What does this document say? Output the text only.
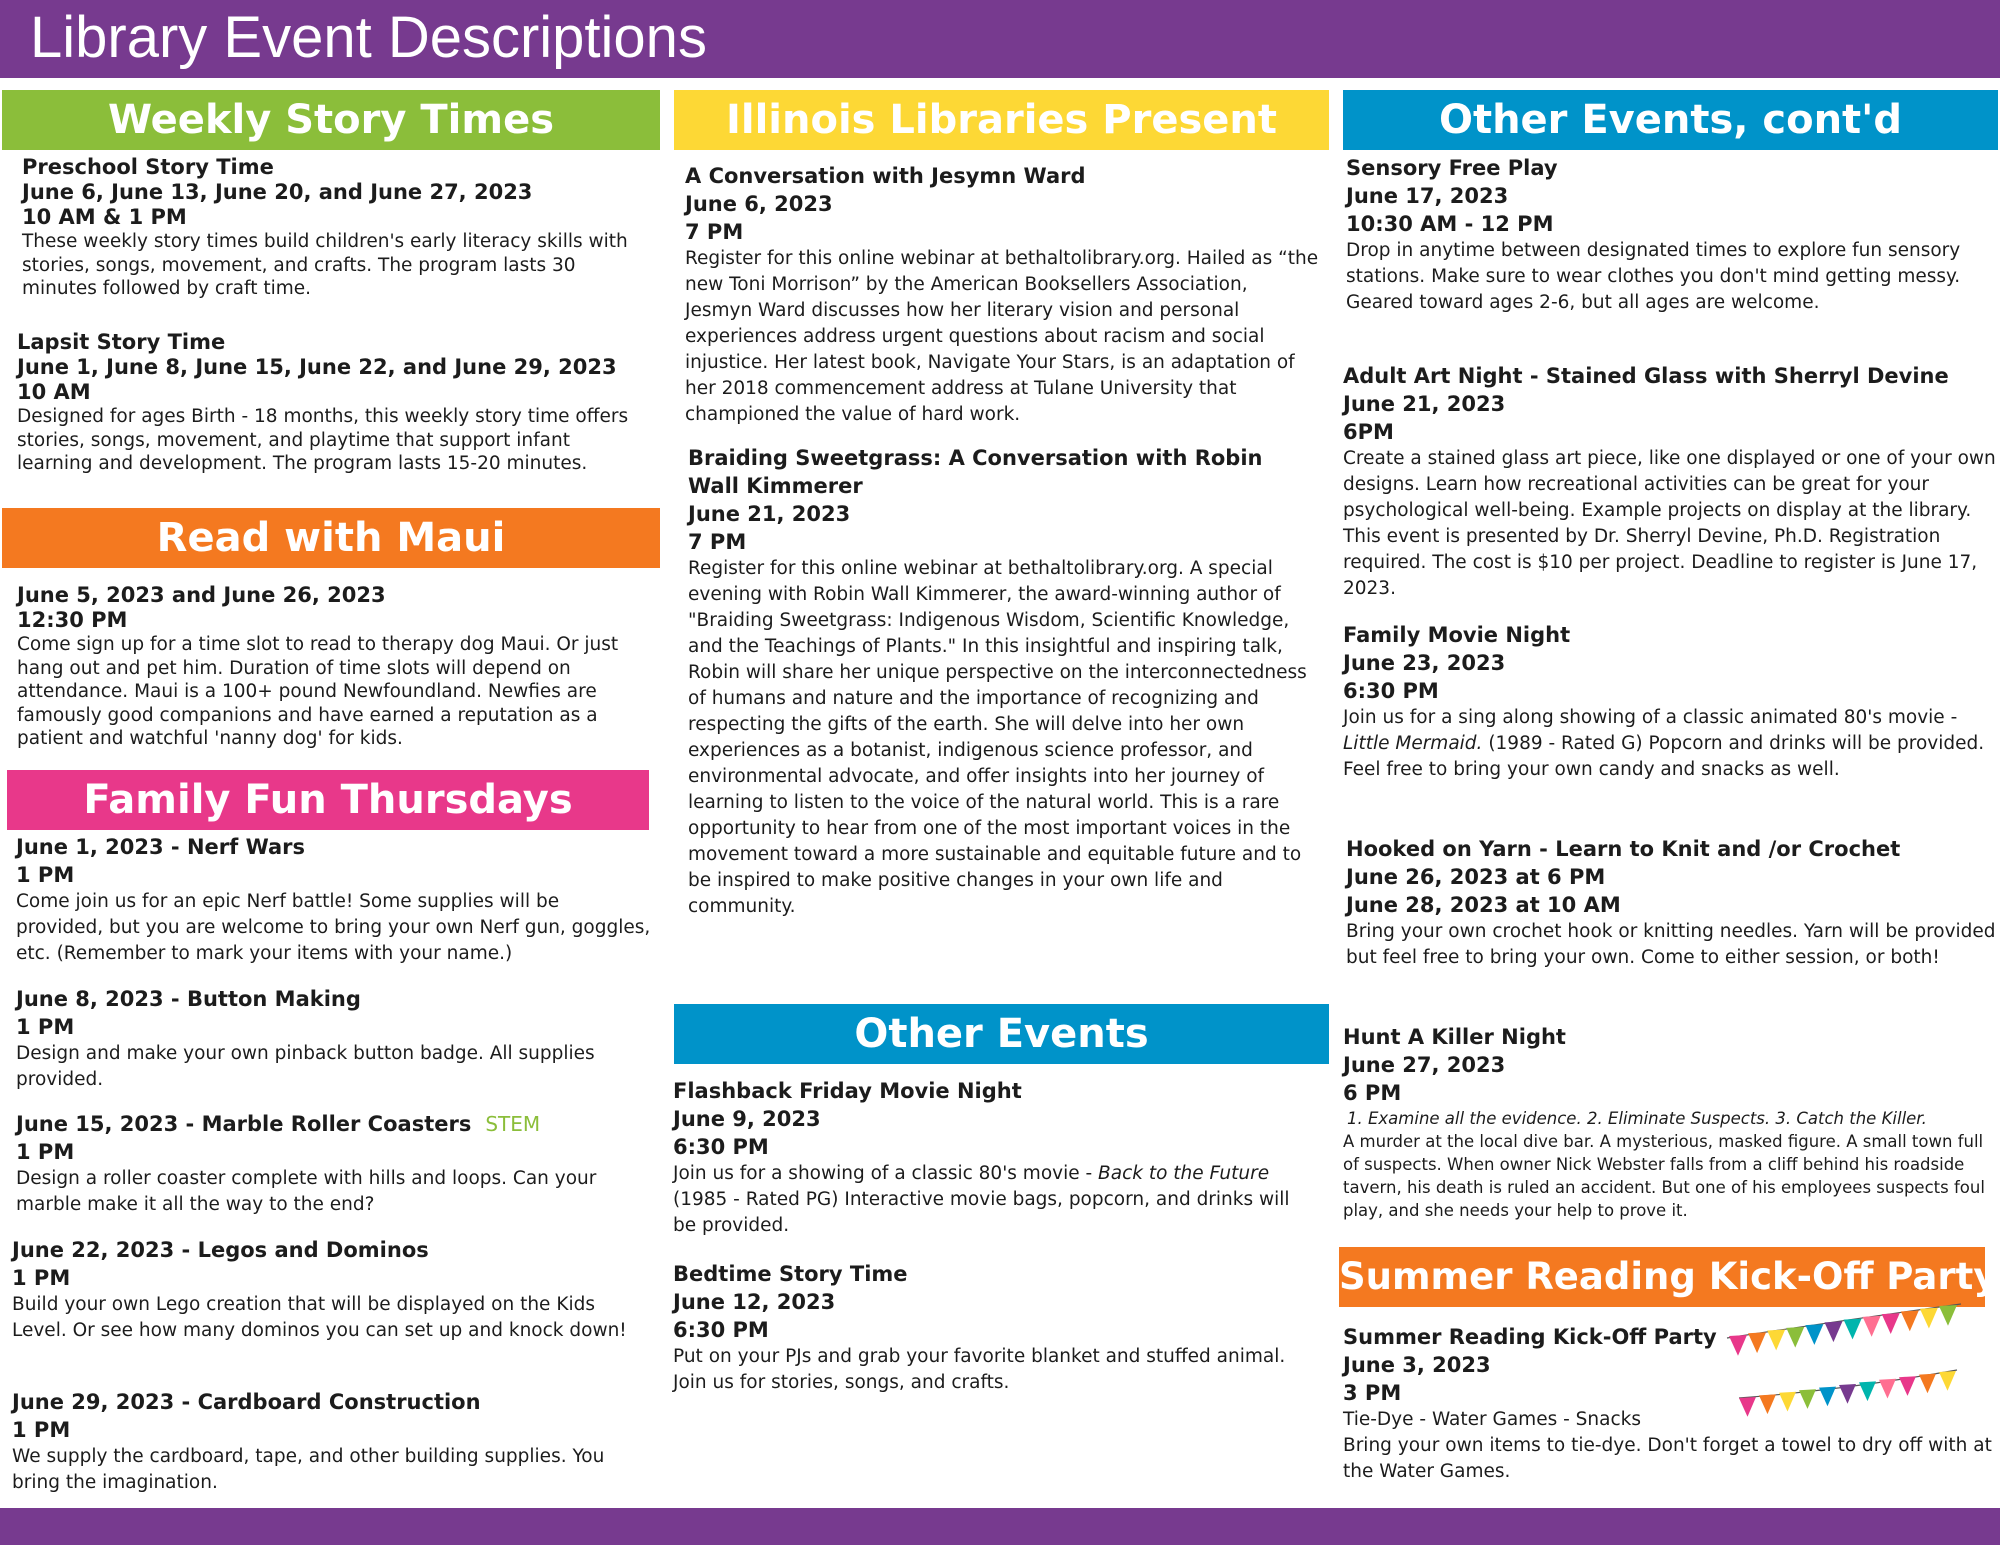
Library Event Descriptions
Weekly Story Times

Preschool Story Time

June 6, June 13, June 20, and June 27, 2023

10 AM & 1 PM

These weekly story times build children's early literacy skills with stories, songs, movement, and crafts. The program lasts 30 minutes followed by craft time.

Lapsit Story Time

June 1, June 8, June 15, June 22, and June 29, 2023

10 AM

Designed for ages Birth - 18 months, this weekly story time offers stories, songs, movement, and playtime that support infant learning and development. The program lasts 15-20 minutes.

Read with Maui

June 5, 2023 and June 26, 2023

12:30 PM

Come sign up for a time slot to read to therapy dog Maui. Or just hang out and pet him. Duration of time slots will depend on attendance. Maui is a 100+ pound Newfoundland. Newfies are famously good companions and have earned a reputation as a patient and watchful 'nanny dog' for kids.

Family Fun Thursdays

June 1, 2023 - Nerf Wars

1 PM

Come join us for an epic Nerf battle! Some supplies will be provided, but you are welcome to bring your own Nerf gun, goggles, etc. (Remember to mark your items with your name.)

June 8, 2023 - Button Making

1 PM

Design and make your own pinback button badge. All supplies provided.

June 15, 2023 - Marble Roller Coasters STEM

1 PM

Design a roller coaster complete with hills and loops. Can your marble make it all the way to the end?

June 22, 2023 - Legos and Dominos

1 PM

Build your own Lego creation that will be displayed on the Kids Level. Or see how many dominos you can set up and knock down!

June 29, 2023 - Cardboard Construction

1 PM

We supply the cardboard, tape, and other building supplies. You bring the imagination.

Illinois Libraries Present

A Conversation with Jesymn Ward

June 6, 2023

7 PM

Register for this online webinar at bethaltolibrary.org. Hailed as “the new Toni Morrison” by the American Booksellers Association, Jesmyn Ward discusses how her literary vision and personal experiences address urgent questions about racism and social injustice. Her latest book, Navigate Your Stars, is an adaptation of her 2018 commencement address at Tulane University that championed the value of hard work.

Braiding Sweetgrass: A Conversation with Robin Wall Kimmerer

June 21, 2023

7 PM

Register for this online webinar at bethaltolibrary.org. A special evening with Robin Wall Kimmerer, the award-winning author of "Braiding Sweetgrass: Indigenous Wisdom, Scientific Knowledge, and the Teachings of Plants." In this insightful and inspiring talk, Robin will share her unique perspective on the interconnectedness of humans and nature and the importance of recognizing and respecting the gifts of the earth. She will delve into her own experiences as a botanist, indigenous science professor, and environmental advocate, and offer insights into her journey of learning to listen to the voice of the natural world. This is a rare opportunity to hear from one of the most important voices in the movement toward a more sustainable and equitable future and to be inspired to make positive changes in your own life and community.

Other Events

Flashback Friday Movie Night

June 9, 2023

6:30 PM

Join us for a showing of a classic 80's movie - Back to the Future (1985 - Rated PG) Interactive movie bags, popcorn, and drinks will be provided.

Bedtime Story Time

June 12, 2023

6:30 PM

Put on your PJs and grab your favorite blanket and stuffed animal. Join us for stories, songs, and crafts.

Other Events, cont'd

Sensory Free Play

June 17, 2023

10:30 AM - 12 PM

Drop in anytime between designated times to explore fun sensory stations. Make sure to wear clothes you don't mind getting messy. Geared toward ages 2-6, but all ages are welcome.

Adult Art Night - Stained Glass with Sherryl Devine

June 21, 2023

6PM

Create a stained glass art piece, like one displayed or one of your own designs. Learn how recreational activities can be great for your psychological well-being. Example projects on display at the library. This event is presented by Dr. Sherryl Devine, Ph.D. Registration required. The cost is $10 per project. Deadline to register is June 17, 2023.

Family Movie Night

June 23, 2023

6:30 PM

Join us for a sing along showing of a classic animated 80's movie - Little Mermaid. (1989 - Rated G) Popcorn and drinks will be provided. Feel free to bring your own candy and snacks as well.

Hooked on Yarn - Learn to Knit and /or Crochet

June 26, 2023 at 6 PM

June 28, 2023 at 10 AM

Bring your own crochet hook or knitting needles. Yarn will be provided but feel free to bring your own. Come to either session, or both!

Hunt A Killer Night

June 27, 2023

6 PM

1. Examine all the evidence. 2. Eliminate Suspects. 3. Catch the Killer.

A murder at the local dive bar. A mysterious, masked figure. A small town full of suspects. When owner Nick Webster falls from a cliff behind his roadside tavern, his death is ruled an accident. But one of his employees suspects foul play, and she needs your help to prove it.

Summer Reading Kick-Off Party

Summer Reading Kick-Off Party

June 3, 2023

3 PM

Tie-Dye - Water Games - Snacks

Bring your own items to tie-dye. Don't forget a towel to dry off with at the Water Games.
